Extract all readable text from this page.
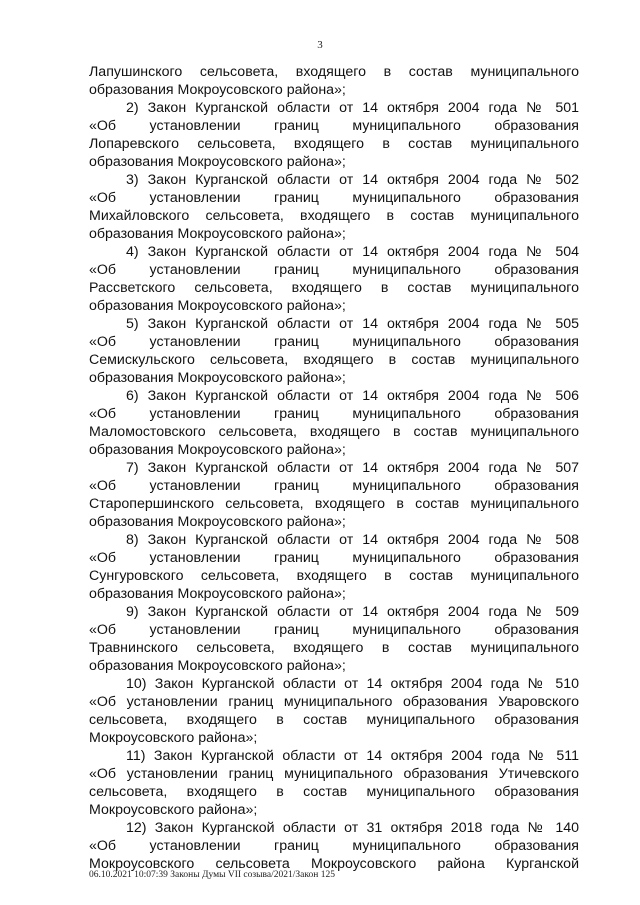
3
Лапушинского сельсовета, входящего в состав муниципального
образования Мокроусовского района»;
2) Закон Курганской области от 14 октября 2004 года № 501
«Об установлении границ муниципального образования
Лопаревского сельсовета, входящего в состав муниципального
образования Мокроусовского района»;
3) Закон Курганской области от 14 октября 2004 года № 502
«Об установлении границ муниципального образования
Михайловского сельсовета, входящего в состав муниципального
образования Мокроусовского района»;
4) Закон Курганской области от 14 октября 2004 года № 504
«Об установлении границ муниципального образования
Рассветского сельсовета, входящего в состав муниципального
образования Мокроусовского района»;
5) Закон Курганской области от 14 октября 2004 года № 505
«Об установлении границ муниципального образования
Семискульского сельсовета, входящего в состав муниципального
образования Мокроусовского района»;
6) Закон Курганской области от 14 октября 2004 года № 506
«Об установлении границ муниципального образования
Маломостовского сельсовета, входящего в состав муниципального
образования Мокроусовского района»;
7) Закон Курганской области от 14 октября 2004 года № 507
«Об установлении границ муниципального образования
Старопершинского сельсовета, входящего в состав муниципального
образования Мокроусовского района»;
8) Закон Курганской области от 14 октября 2004 года № 508
«Об установлении границ муниципального образования
Сунгуровского сельсовета, входящего в состав муниципального
образования Мокроусовского района»;
9) Закон Курганской области от 14 октября 2004 года № 509
«Об установлении границ муниципального образования
Травнинского сельсовета, входящего в состав муниципального
образования Мокроусовского района»;
10) Закон Курганской области от 14 октября 2004 года № 510
«Об установлении границ муниципального образования Уваровского
сельсовета, входящего в состав муниципального образования
Мокроусовского района»;
11) Закон Курганской области от 14 октября 2004 года № 511
«Об установлении границ муниципального образования Утичевского
сельсовета, входящего в состав муниципального образования
Мокроусовского района»;
12) Закон Курганской области от 31 октября 2018 года № 140
«Об установлении границ муниципального образования
Мокроусовского сельсовета Мокроусовского района Курганской
06.10.2021 10:07:39 Законы Думы VII созыва/2021/Закон 125
